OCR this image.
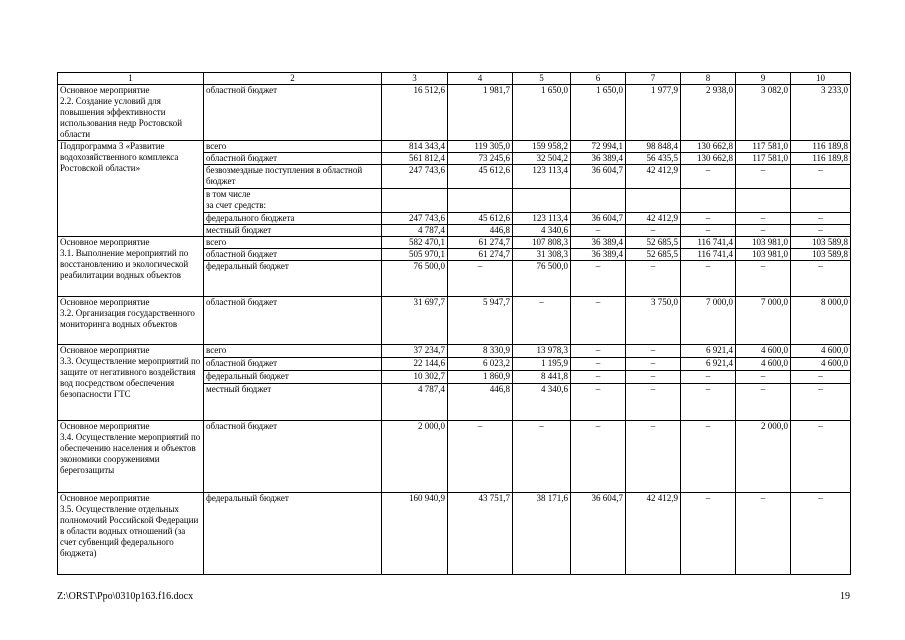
1	2	3	4	5	6	7	8	9	10
Основное мероприятие
2.2. Создание условий для повышения эффективности использования недр Ростовской области	областной бюджет	16 512,6	1 981,7	1 650,0	1 650,0	1 977,9	2 938,0	3 082,0	3 233,0
Подпрограмма 3 «Развитие водохозяйственного комплекса Ростовской области»	всего	814 343,4	119 305,0	159 958,2	72 994,1	98 848,4	130 662,8	117 581,0	116 189,8
	областной бюджет	561 812,4	73 245,6	32 504,2	36 389,4	56 435,5	130 662,8	117 581,0	116 189,8
	безвозмездные поступления в областной бюджет	247 743,6	45 612,6	123 113,4	36 604,7	42 412,9	–	–	–
	в том числе
за счет средств:								
	федерального бюджета	247 743,6	45 612,6	123 113,4	36 604,7	42 412,9	–	–	–
	местный бюджет	4 787,4	446,8	4 340,6	–	–	–	–	–
Основное мероприятие
3.1. Выполнение мероприятий по восстановлению и экологической реабилитации водных объектов	всего	582 470,1	61 274,7	107 808,3	36 389,4	52 685,5	116 741,4	103 981,0	103 589,8
	областной бюджет	505 970,1	61 274,7	31 308,3	36 389,4	52 685,5	116 741,4	103 981,0	103 589,8
	федеральный бюджет	76 500,0	–	76 500,0	–	–	–	–	–
Основное мероприятие
3.2. Организация государственного мониторинга водных объектов	областной бюджет	31 697,7	5 947,7	–	–	3 750,0	7 000,0	7 000,0	8 000,0
Основное мероприятие
3.3. Осуществление мероприятий по защите от негативного воздействия вод посредством обеспечения безопасности ГТС	всего	37 234,7	8 330,9	13 978,3	–	–	6 921,4	4 600,0	4 600,0
	областной бюджет	22 144,6	6 023,2	1 195,9	–	–	6 921,4	4 600,0	4 600,0
	федеральный бюджет	10 302,7	1 860,9	8 441,8	–	–	–	–	–
	местный бюджет	4 787,4	446,8	4 340,6	–	–	–	–	–
Основное мероприятие
3.4. Осуществление мероприятий по обеспечению населения и объектов экономики сооружениями берегозащиты	областной бюджет	2 000,0	–	–	–	–	–	2 000,0	–
Основное мероприятие
3.5. Осуществление отдельных полномочий Российской Федерации в области водных отношений (за счет субвенций федерального бюджета)	федеральный бюджет	160 940,9	43 751,7	38 171,6	36 604,7	42 412,9	–	–	–
Z:\ORST\Ppo\0310p163.f16.docx	19
